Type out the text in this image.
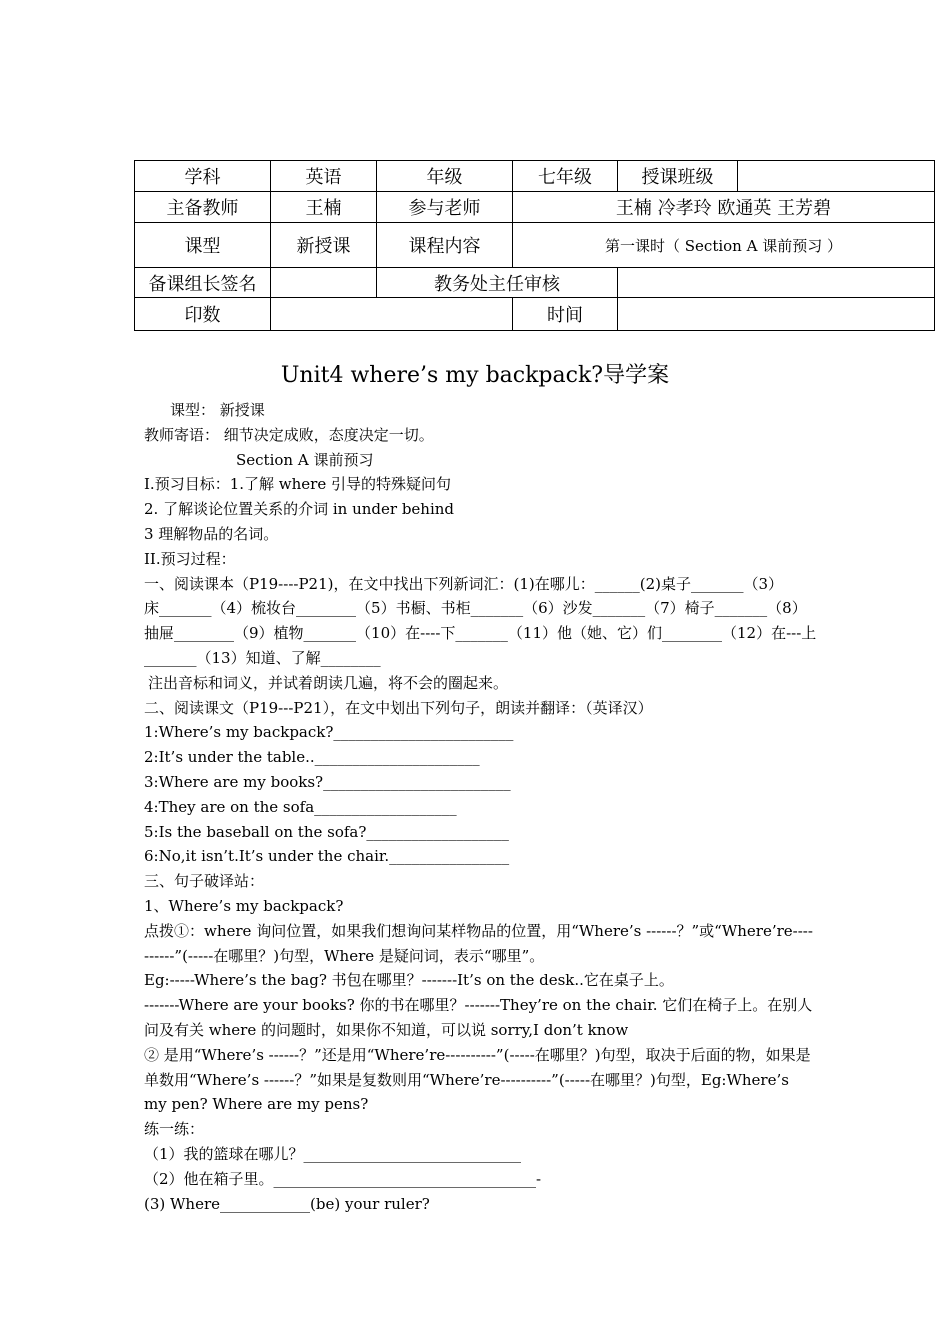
学科	英语	年级	七年级	授课班级	
主备教师	王楠	参与老师	王楠 冷孝玲 欧通英 王芳碧		
课型	新授课	课程内容	第一课时（ Section A 课前预习 ）		
备课组长签名		教务处主任审核			
印数			时间		
Unit4 where’s my backpack?导学案

课型： 新授课

教师寄语： 细节决定成败，态度决定一切。

Section A 课前预习

I.预习目标：1.了解 where 引导的特殊疑问句

2. 了解谈论位置关系的介词 in under behind

3 理解物品的名词。

II.预习过程：

一、阅读课本（P19----P21)，在文中找出下列新词汇：(1)在哪儿：______(2)桌子_______（3）

床_______（4）梳妆台________（5）书橱、书柜_______（6）沙发_______（7）椅子_______（8）

抽屉________（9）植物_______（10）在----下_______（11）他（她、它）们________（12）在---上

_______（13）知道、了解________

注出音标和词义，并试着朗读几遍，将不会的圈起来。

二、阅读课文（P19---P21），在文中划出下列句子，朗读并翻译：（英译汉）

1:Where’s my backpack?________________________

2:It’s under the table..______________________

3:Where are my books?_________________________

4:They are on the sofa___________________

5:Is the baseball on the sofa?___________________

6:No,it isn’t.It’s under the chair.________________

三、句子破译站：

1、Where’s my backpack?

点拨①：where 询问位置，如果我们想询问某样物品的位置，用“Where’s ------？”或“Where’re----------”(-----在哪里？)句型，Where 是疑问词，表示“哪里”。

Eg:-----Where’s the bag? 书包在哪里？-------It’s on the desk..它在桌子上。

-------Where are your books? 你的书在哪里？-------They’re on the chair. 它们在椅子上。在别人问及有关 where 的问题时，如果你不知道，可以说 sorry,I don’t know

② 是用“Where’s ------？”还是用“Where’re----------”(-----在哪里？)句型，取决于后面的物，如果是单数用“Where’s ------？”如果是复数则用“Where’re----------”(-----在哪里？)句型，Eg:Where’s my pen? Where are my pens?

练一练：

（1）我的篮球在哪儿？_____________________________

（2）他在箱子里。___________________________________-

(3) Where____________(be) your ruler?
